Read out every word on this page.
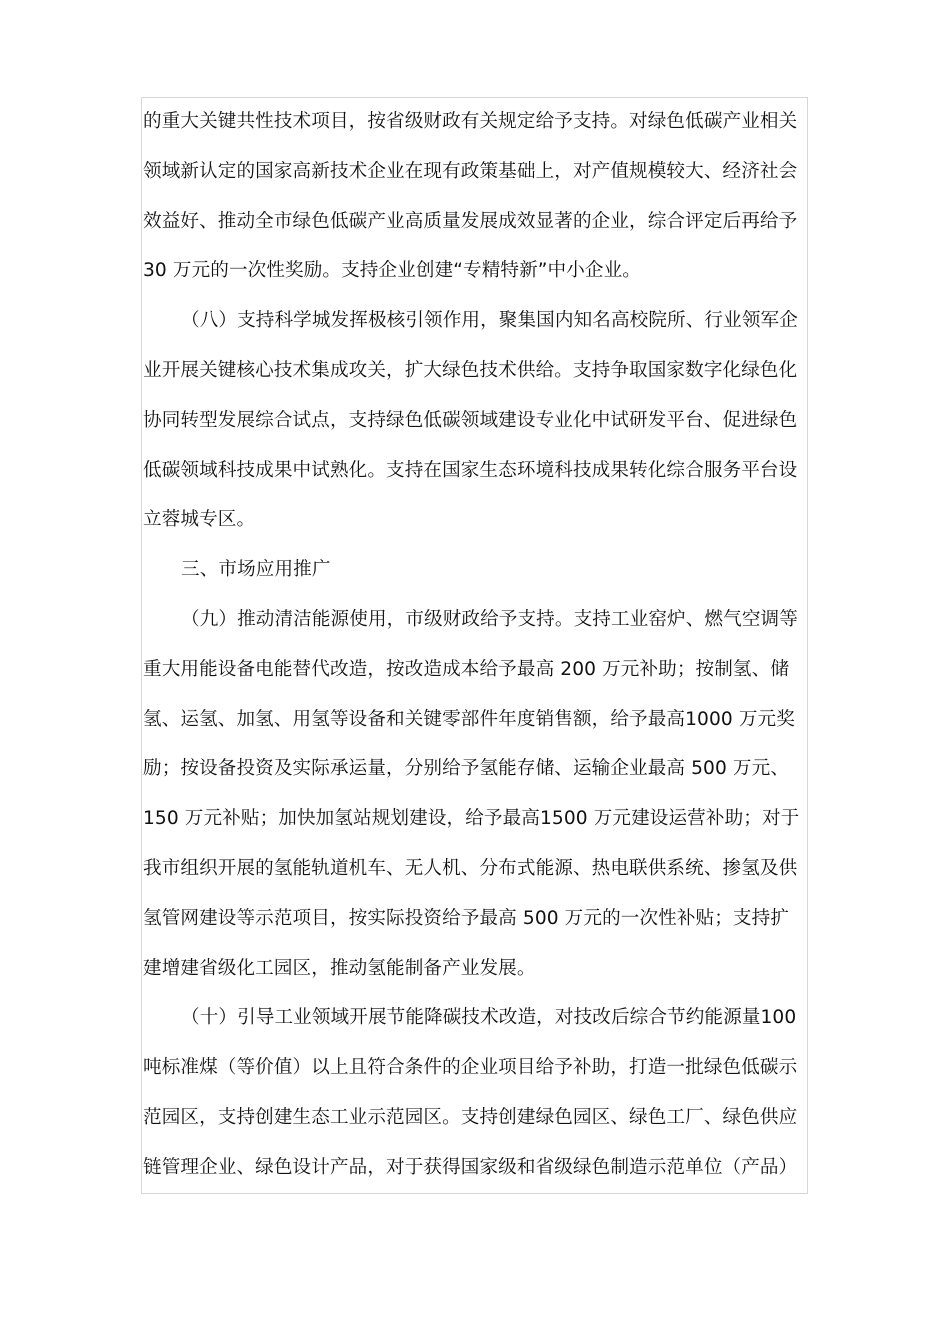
的重大关键共性技术项目，按省级财政有关规定给予支持。对绿色低碳产业相关
领域新认定的国家高新技术企业在现有政策基础上，对产值规模较大、经济社会
效益好、推动全市绿色低碳产业高质量发展成效显著的企业，综合评定后再给予
30 万元的一次性奖励。支持企业创建“专精特新”中小企业。
（八）支持科学城发挥极核引领作用，聚集国内知名高校院所、行业领军企
业开展关键核心技术集成攻关，扩大绿色技术供给。支持争取国家数字化绿色化
协同转型发展综合试点，支持绿色低碳领域建设专业化中试研发平台、促进绿色
低碳领域科技成果中试熟化。支持在国家生态环境科技成果转化综合服务平台设
立蓉城专区。
三、市场应用推广
（九）推动清洁能源使用，市级财政给予支持。支持工业窑炉、燃气空调等
重大用能设备电能替代改造，按改造成本给予最高 200 万元补助；按制氢、储
氢、运氢、加氢、用氢等设备和关键零部件年度销售额，给予最高1000 万元奖
励；按设备投资及实际承运量，分别给予氢能存储、运输企业最高 500 万元、
150 万元补贴；加快加氢站规划建设，给予最高1500 万元建设运营补助；对于
我市组织开展的氢能轨道机车、无人机、分布式能源、热电联供系统、掺氢及供
氢管网建设等示范项目，按实际投资给予最高 500 万元的一次性补贴；支持扩
建增建省级化工园区，推动氢能制备产业发展。
（十）引导工业领域开展节能降碳技术改造，对技改后综合节约能源量100
吨标准煤（等价值）以上且符合条件的企业项目给予补助，打造一批绿色低碳示
范园区，支持创建生态工业示范园区。支持创建绿色园区、绿色工厂、绿色供应
链管理企业、绿色设计产品，对于获得国家级和省级绿色制造示范单位（产品）
